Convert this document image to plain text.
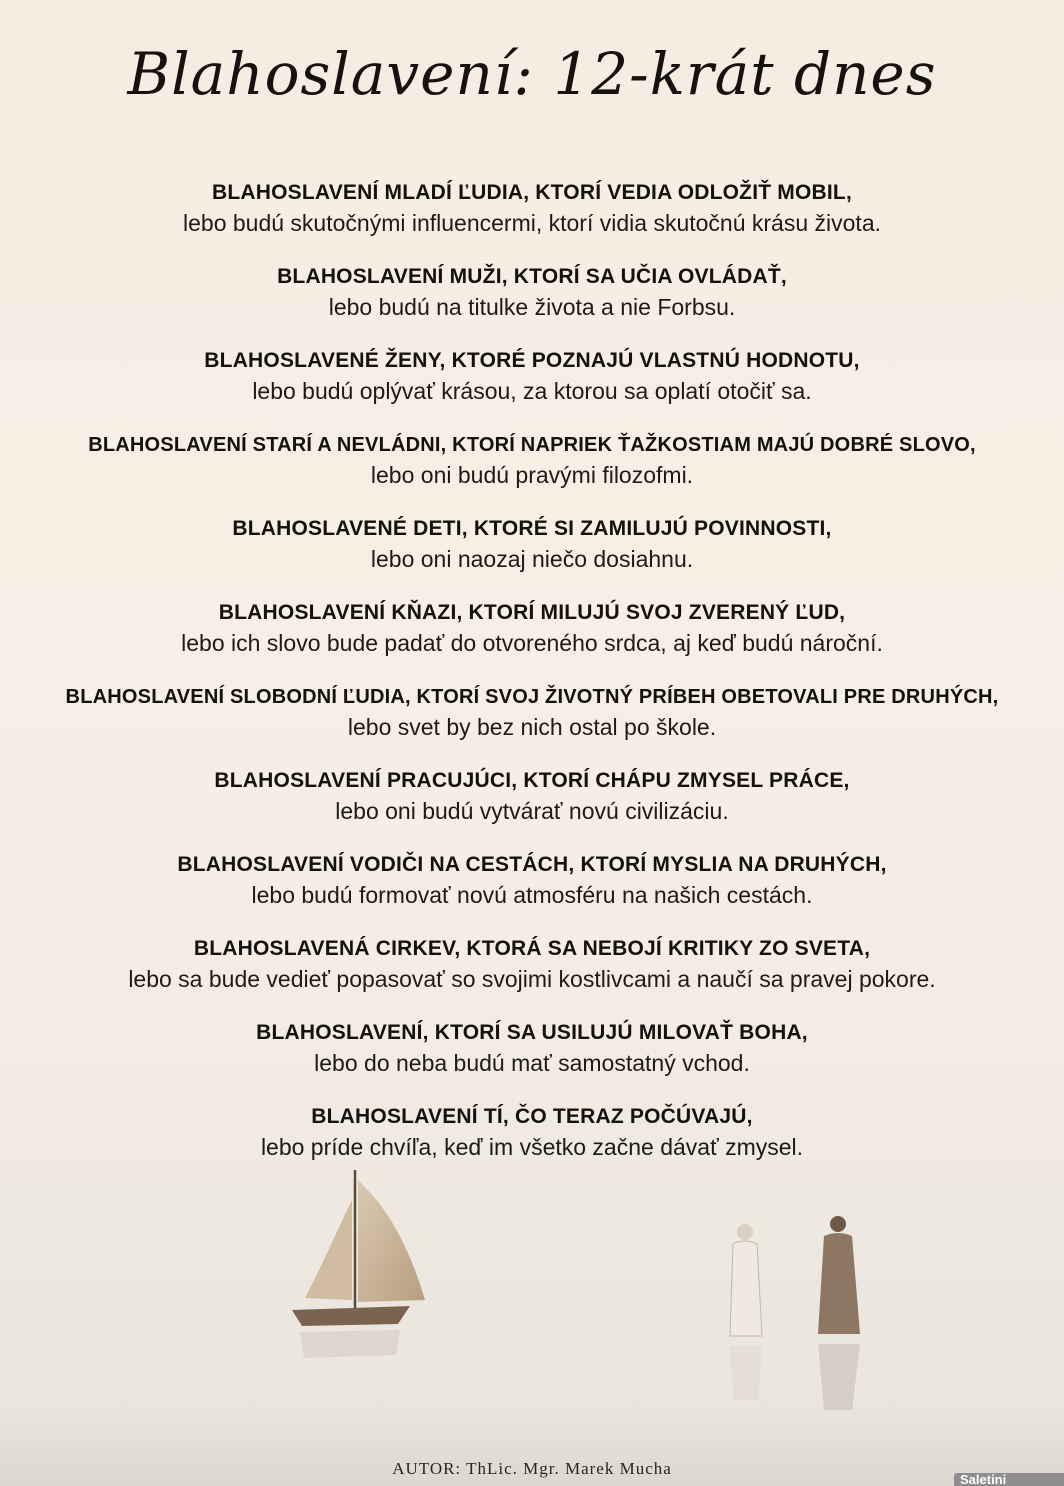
Blahoslavení: 12-krát dnes
BLAHOSLAVENÍ MLADÍ ĽUDIA, KTORÍ VEDIA ODLOŽIŤ MOBIL,
lebo budú skutočnými influencermi, ktorí vidia skutočnú krásu života.
BLAHOSLAVENÍ MUŽI, KTORÍ SA UČIA OVLÁDAŤ,
lebo budú na titulke života a nie Forbsu.
BLAHOSLAVENÉ ŽENY, KTORÉ POZNAJÚ VLASTNÚ HODNOTU,
lebo budú oplývať krásou, za ktorou sa oplatí otočiť sa.
BLAHOSLAVENÍ STARÍ A NEVLÁDNI, KTORÍ NAPRIEK ŤAŽKOSTIAM MAJÚ DOBRÉ SLOVO,
lebo oni budú pravými filozofmi.
BLAHOSLAVENÉ DETI, KTORÉ SI ZAMILUJÚ POVINNOSTI,
lebo oni naozaj niečo dosiahnu.
BLAHOSLAVENÍ KŇAZI, KTORÍ MILUJÚ SVOJ ZVERENÝ ĽUD,
lebo ich slovo bude padať do otvoreného srdca, aj keď budú nároční.
BLAHOSLAVENÍ SLOBODNÍ ĽUDIA, KTORÍ SVOJ ŽIVOTNÝ PRÍBEH OBETOVALI PRE DRUHÝCH,
lebo svet by bez nich ostal po škole.
BLAHOSLAVENÍ PRACUJÚCI, KTORÍ CHÁPU ZMYSEL PRÁCE,
lebo oni budú vytvárať novú civilizáciu.
BLAHOSLAVENÍ VODIČI NA CESTÁCH, KTORÍ MYSLIA NA DRUHÝCH,
lebo budú formovať novú atmosféru na našich cestách.
BLAHOSLAVENÁ CIRKEV, KTORÁ SA NEBOJÍ KRITIKY ZO SVETA,
lebo sa bude vedieť popasovať so svojimi kostlivcami a naučí sa pravej pokore.
BLAHOSLAVENÍ, KTORÍ SA USILUJÚ MILOVAŤ BOHA,
lebo do neba budú mať samostatný vchod.
BLAHOSLAVENÍ TÍ, ČO TERAZ POČÚVAJÚ,
lebo príde chvíľa, keď im všetko začne dávať zmysel.
AUTOR: ThLic. Mgr. Marek Mucha
Saletini
